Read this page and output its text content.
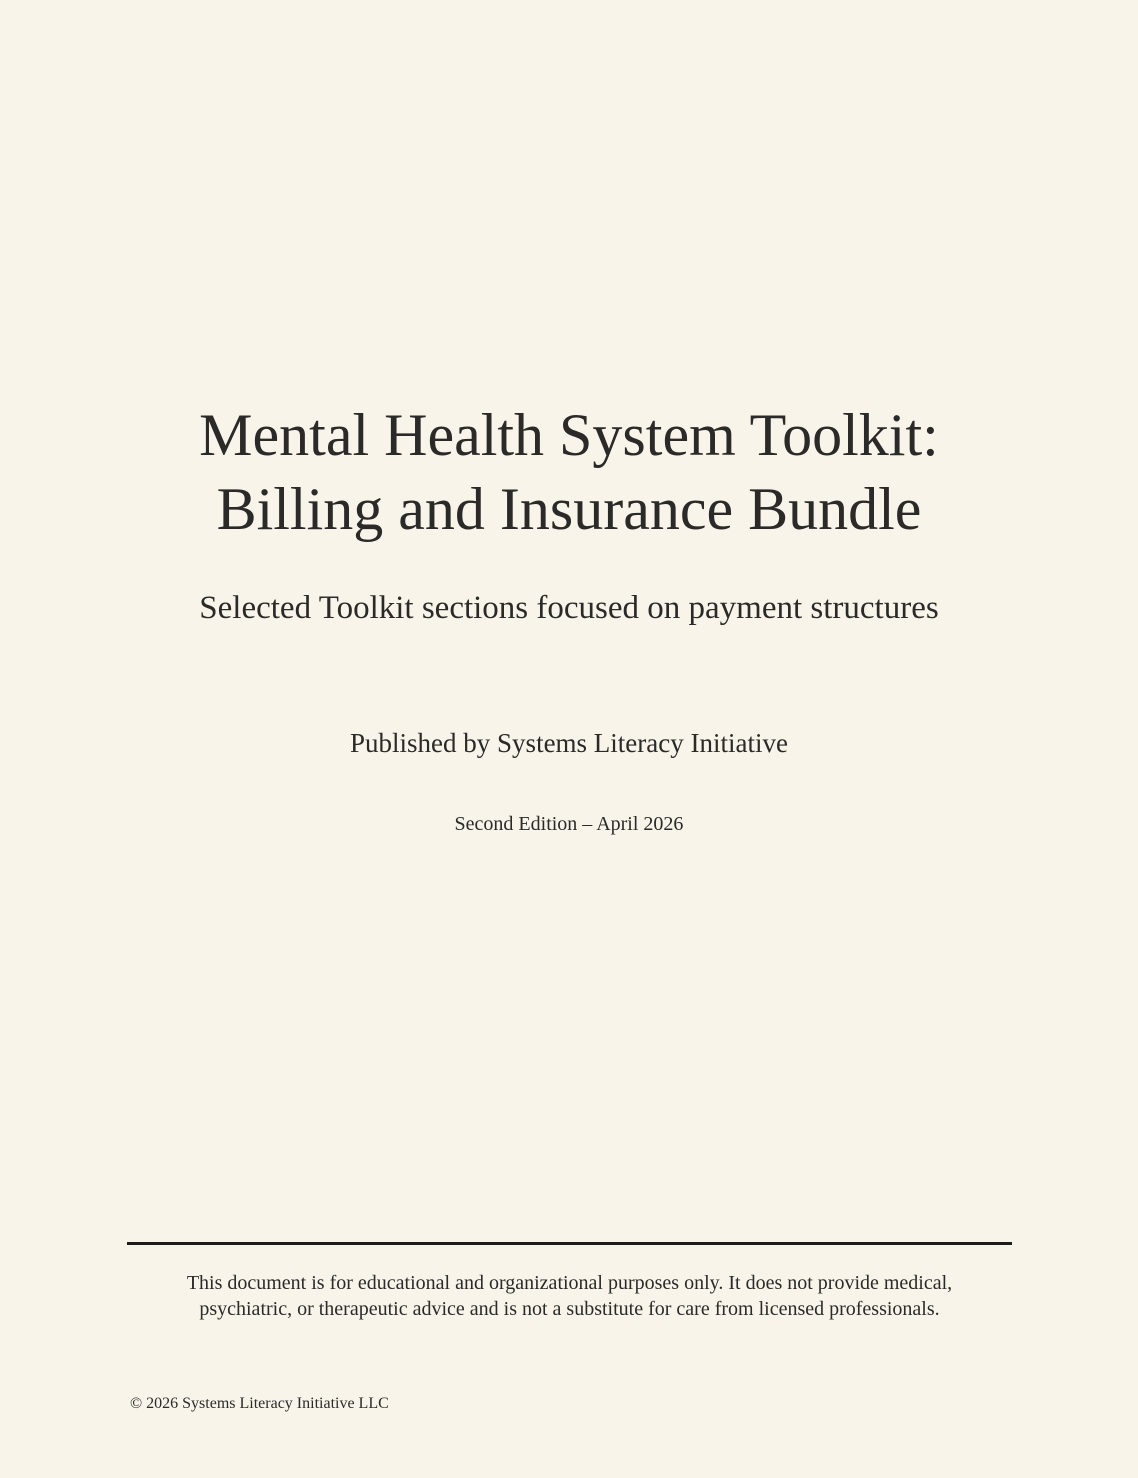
Mental Health System Toolkit:
Billing and Insurance Bundle

Selected Toolkit sections focused on payment structures

Published by Systems Literacy Initiative

Second Edition – April 2026

This document is for educational and organizational purposes only. It does not provide medical,
psychiatric, or therapeutic advice and is not a substitute for care from licensed professionals.

© 2026 Systems Literacy Initiative LLC
